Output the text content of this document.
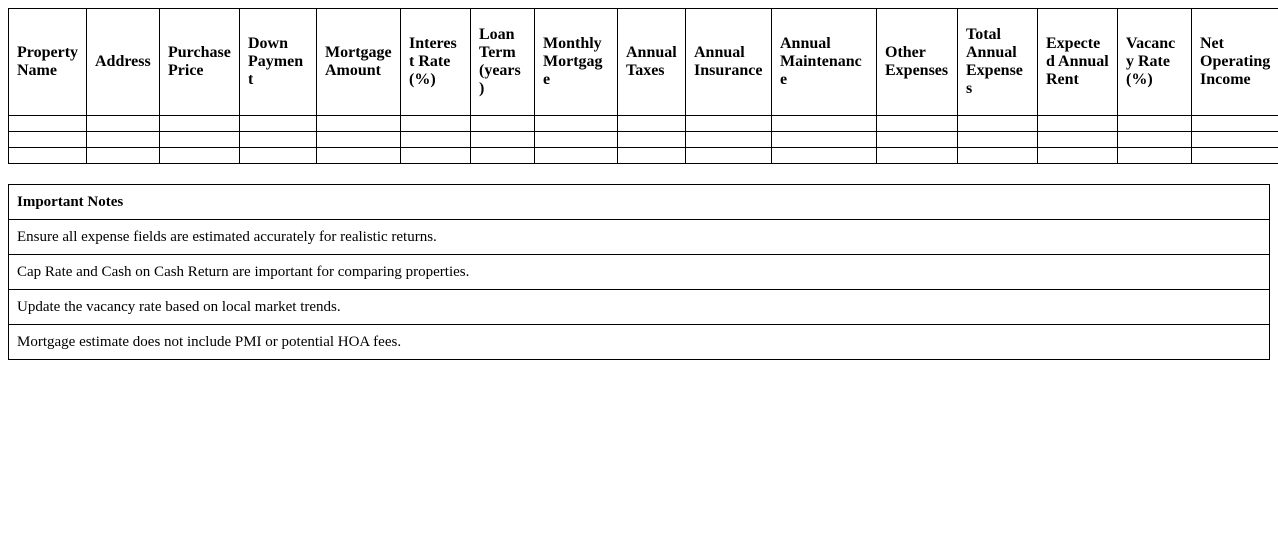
Property Name	Address	Purchase Price	Down Payment	Mortgage Amount	Interest Rate (%)	Loan Term (years)	Monthly Mortgage	Annual Taxes	Annual Insurance	Annual Maintenance	Other Expenses	Total Annual Expenses	Expected Annual Rent	Vacancy Rate (%)	Net Operating Income

Important Notes
Ensure all expense fields are estimated accurately for realistic returns.
Cap Rate and Cash on Cash Return are important for comparing properties.
Update the vacancy rate based on local market trends.
Mortgage estimate does not include PMI or potential HOA fees.
